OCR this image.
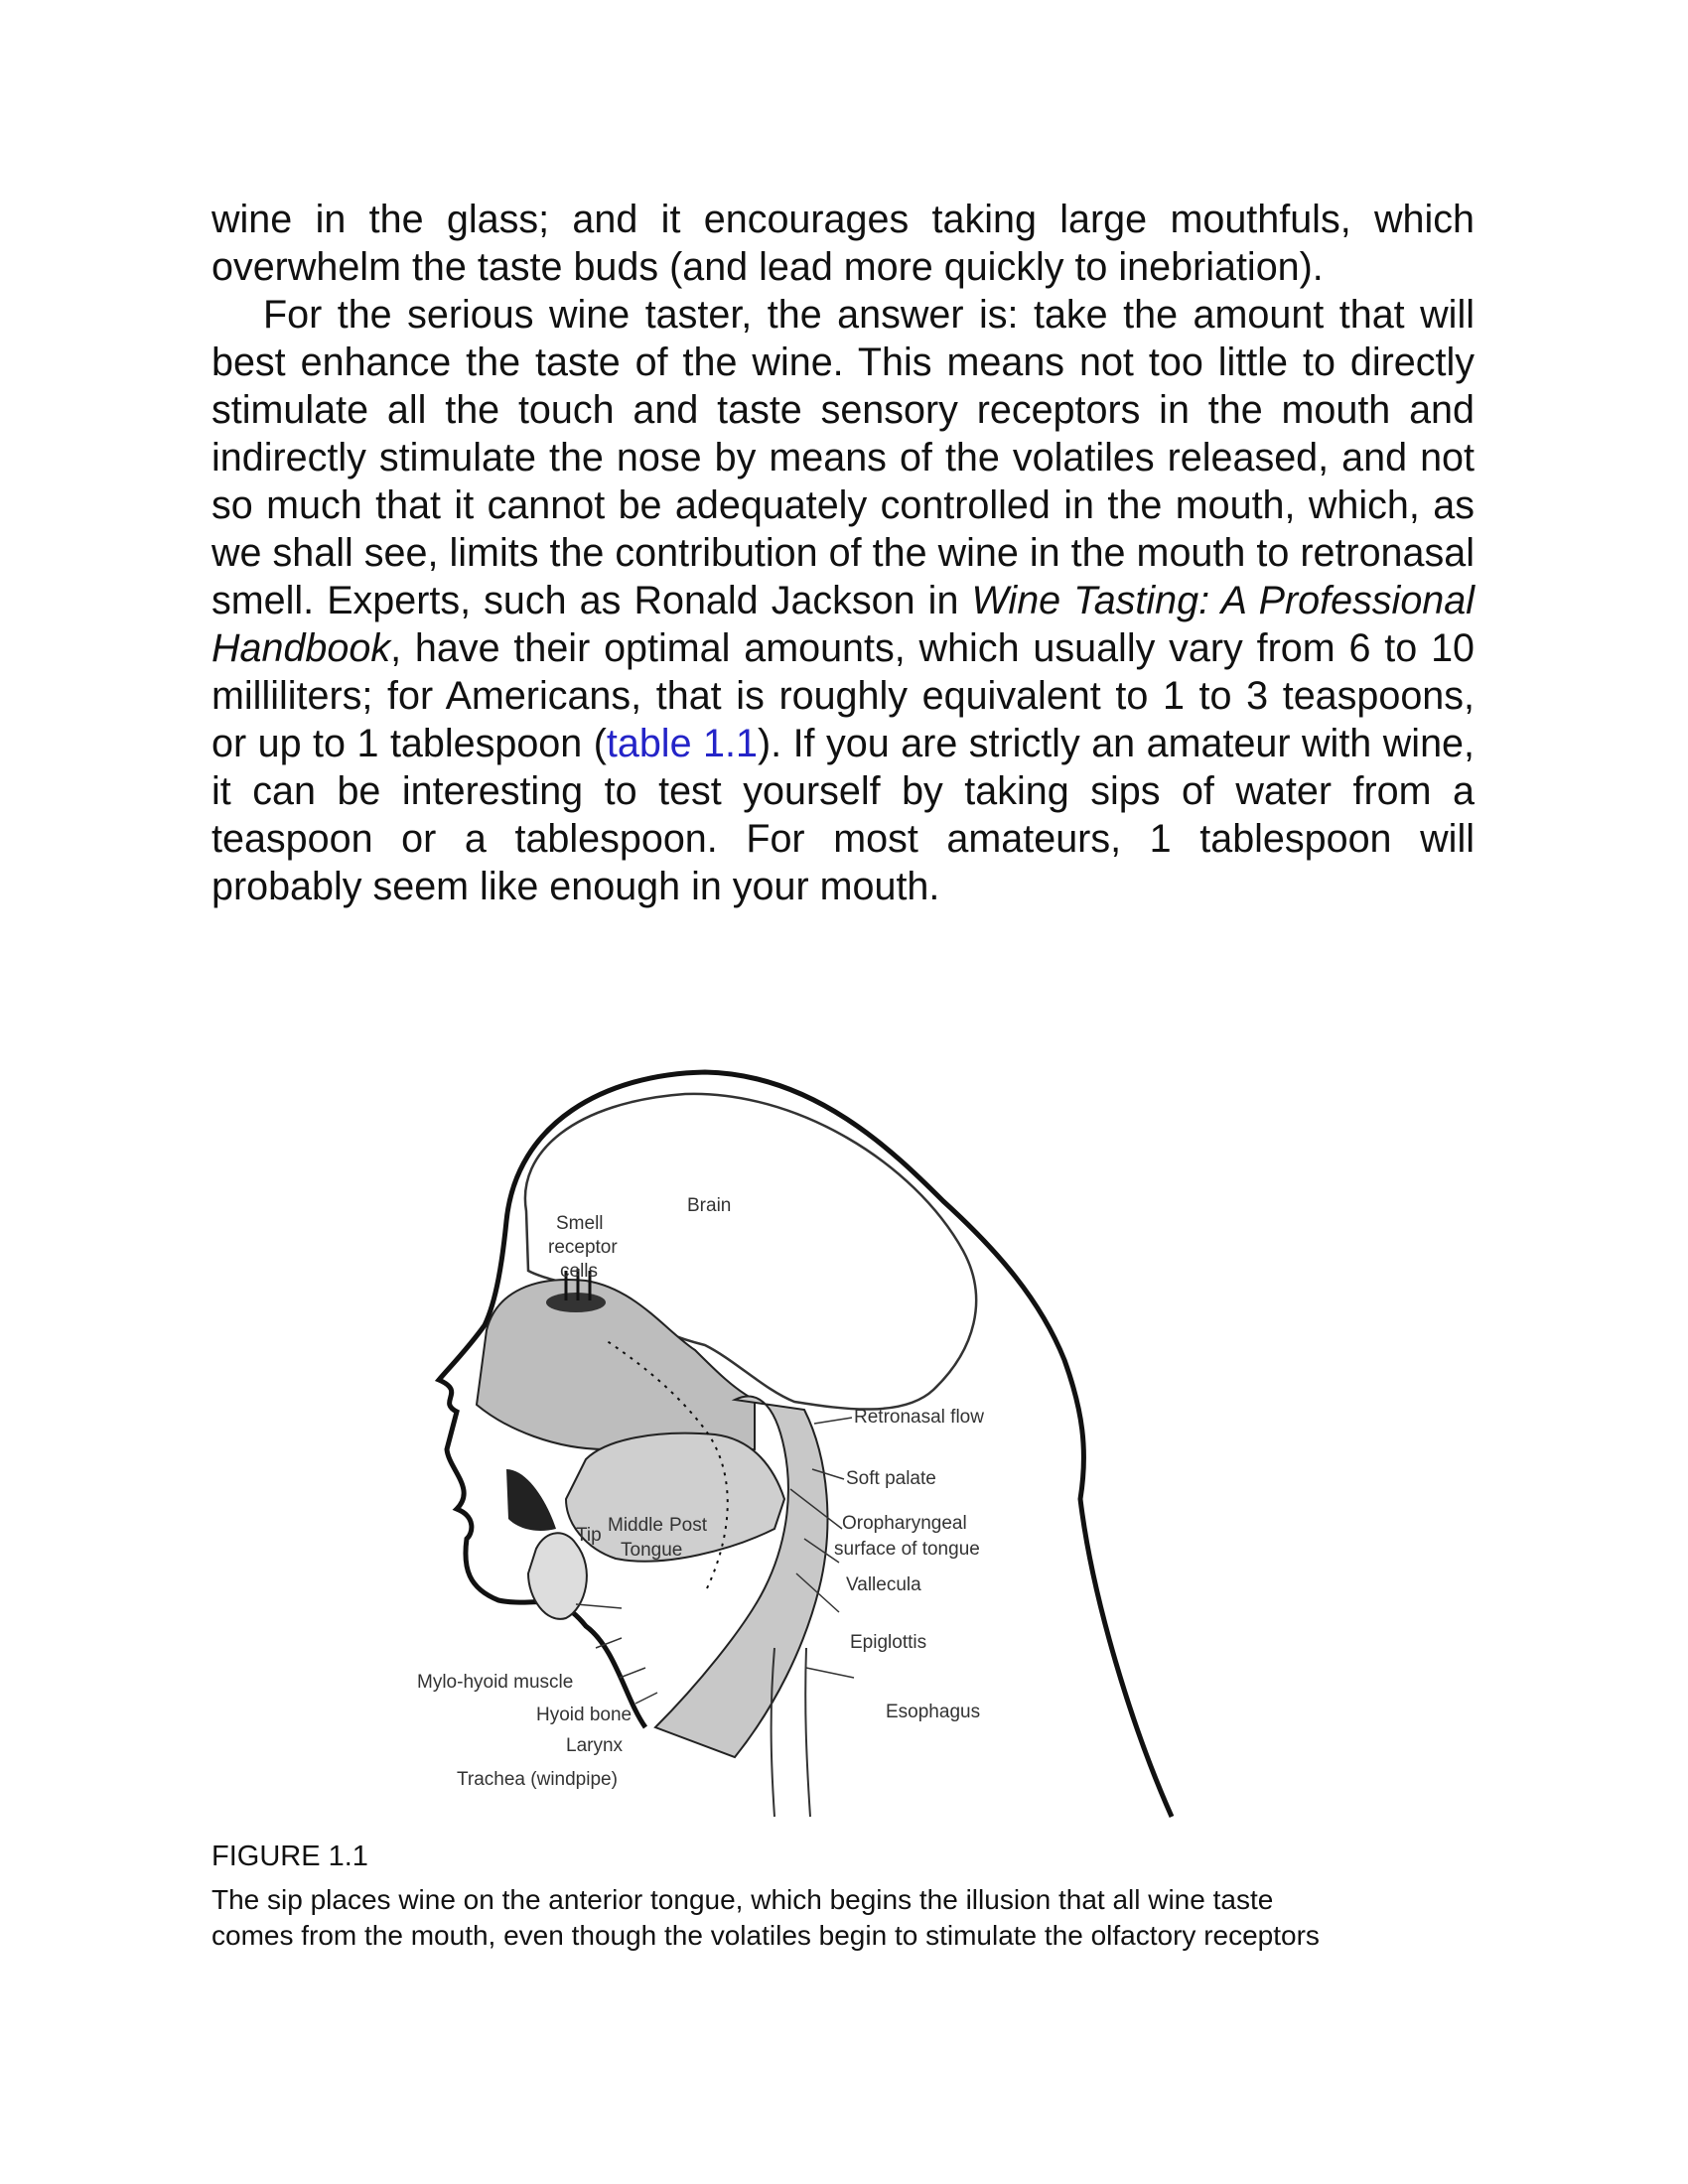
wine in the glass; and it encourages taking large mouthfuls, which overwhelm the taste buds (and lead more quickly to inebriation).

For the serious wine taster, the answer is: take the amount that will best enhance the taste of the wine. This means not too little to directly stimulate all the touch and taste sensory receptors in the mouth and indirectly stimulate the nose by means of the volatiles released, and not so much that it cannot be adequately controlled in the mouth, which, as we shall see, limits the contribution of the wine in the mouth to retronasal smell. Experts, such as Ronald Jackson in Wine Tasting: A Professional Handbook, have their optimal amounts, which usually vary from 6 to 10 milliliters; for Americans, that is roughly equivalent to 1 to 3 teaspoons, or up to 1 tablespoon (table 1.1). If you are strictly an amateur with wine, it can be interesting to test yourself by taking sips of water from a teaspoon or a tablespoon. For most amateurs, 1 tablespoon will probably seem like enough in your mouth.

Smell
receptor
cells
Brain
Retronasal flow
Soft palate
Oropharyngeal
surface of tongue
Vallecula
Epiglottis
Esophagus
Tongue
Middle Post
Tip
Mylo-hyoid muscle
Hyoid bone
Larynx
Trachea (windpipe)
FIGURE 1.1
The sip places wine on the anterior tongue, which begins the illusion that all wine taste
comes from the mouth, even though the volatiles begin to stimulate the olfactory receptors
